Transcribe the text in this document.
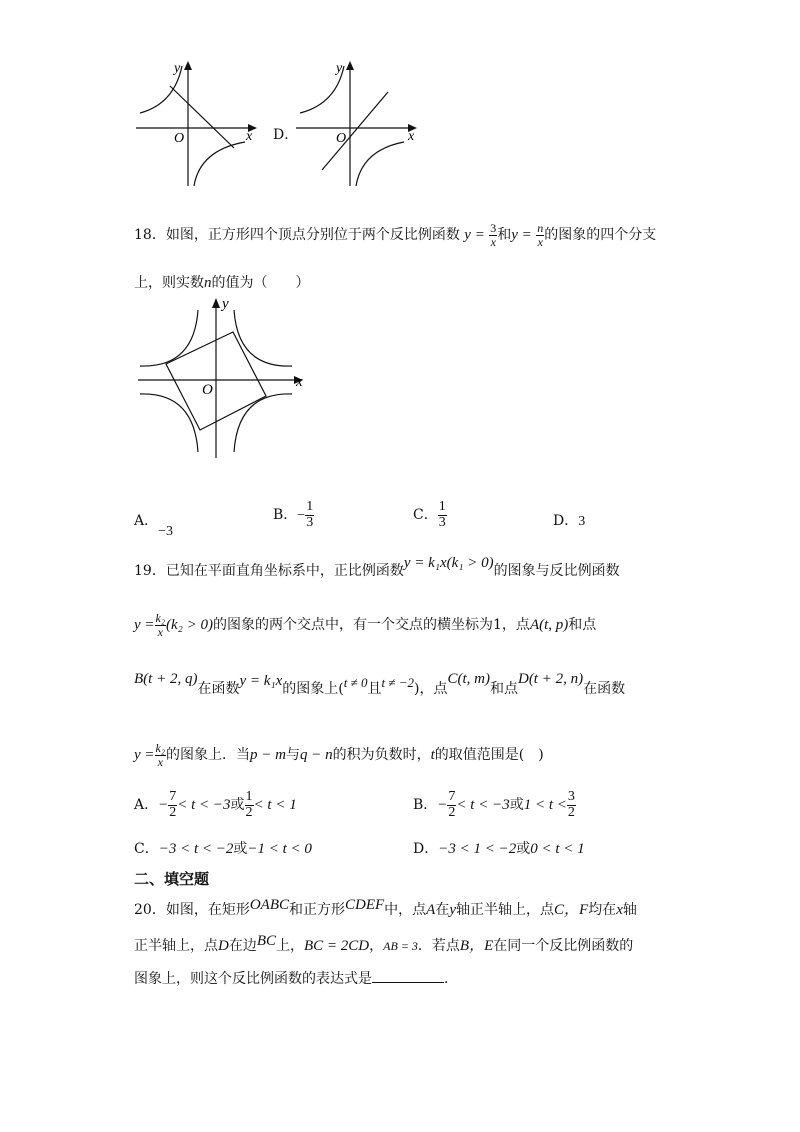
y
x
O	D．
y
x
O
18．如图，正方形四个顶点分别位于两个反比例函数 $y = \frac{3}{x}$ 和$y = \frac{n}{x}$ 的图象的四个分支
上，则实数n的值为（　　）
y
x
O
A．−3
B．− $\frac{1}{3}$	C． $\frac{1}{3}$	D．3
19．已知在平面直角坐标系中，正比例函数y = k₁x(k₁ > 0)的图象与反比例函数
$y = \frac{\text{k₂}}{x} (k_2 > 0)$的图象的两个交点中，有一个交点的横坐标为1，点A(t, p)和点
B(t + 2, q)在函数y = k₁x的图象上(t ≠ 0且t ≠ −2)，点C(t, m)和点D(t + 2, n)在函数
$y = \frac{\text{k₂}}{x}$ 的图象上．当p − m与q − n的积为负数时，t的取值范围是(　)
A．− $\frac{7}{2} < t < -3$或 $\frac{1}{2} < t < 1$	B．− $\frac{7}{2} < t < -3$或$1 < t < \frac{3}{2}$
C．−3 < t < −2或−1 < t < 0	D．−3 < 1 < −2或0 < t < 1
二、填空题
20．如图，在矩形OABC和正方形CDEF中，点A在y轴正半轴上，点C，F均在x轴
正半轴上，点D在边BC上，BC = 2CD，AB = 3．若点B，E在同一个反比例函数的
图象上，则这个反比例函数的表达式是	．
